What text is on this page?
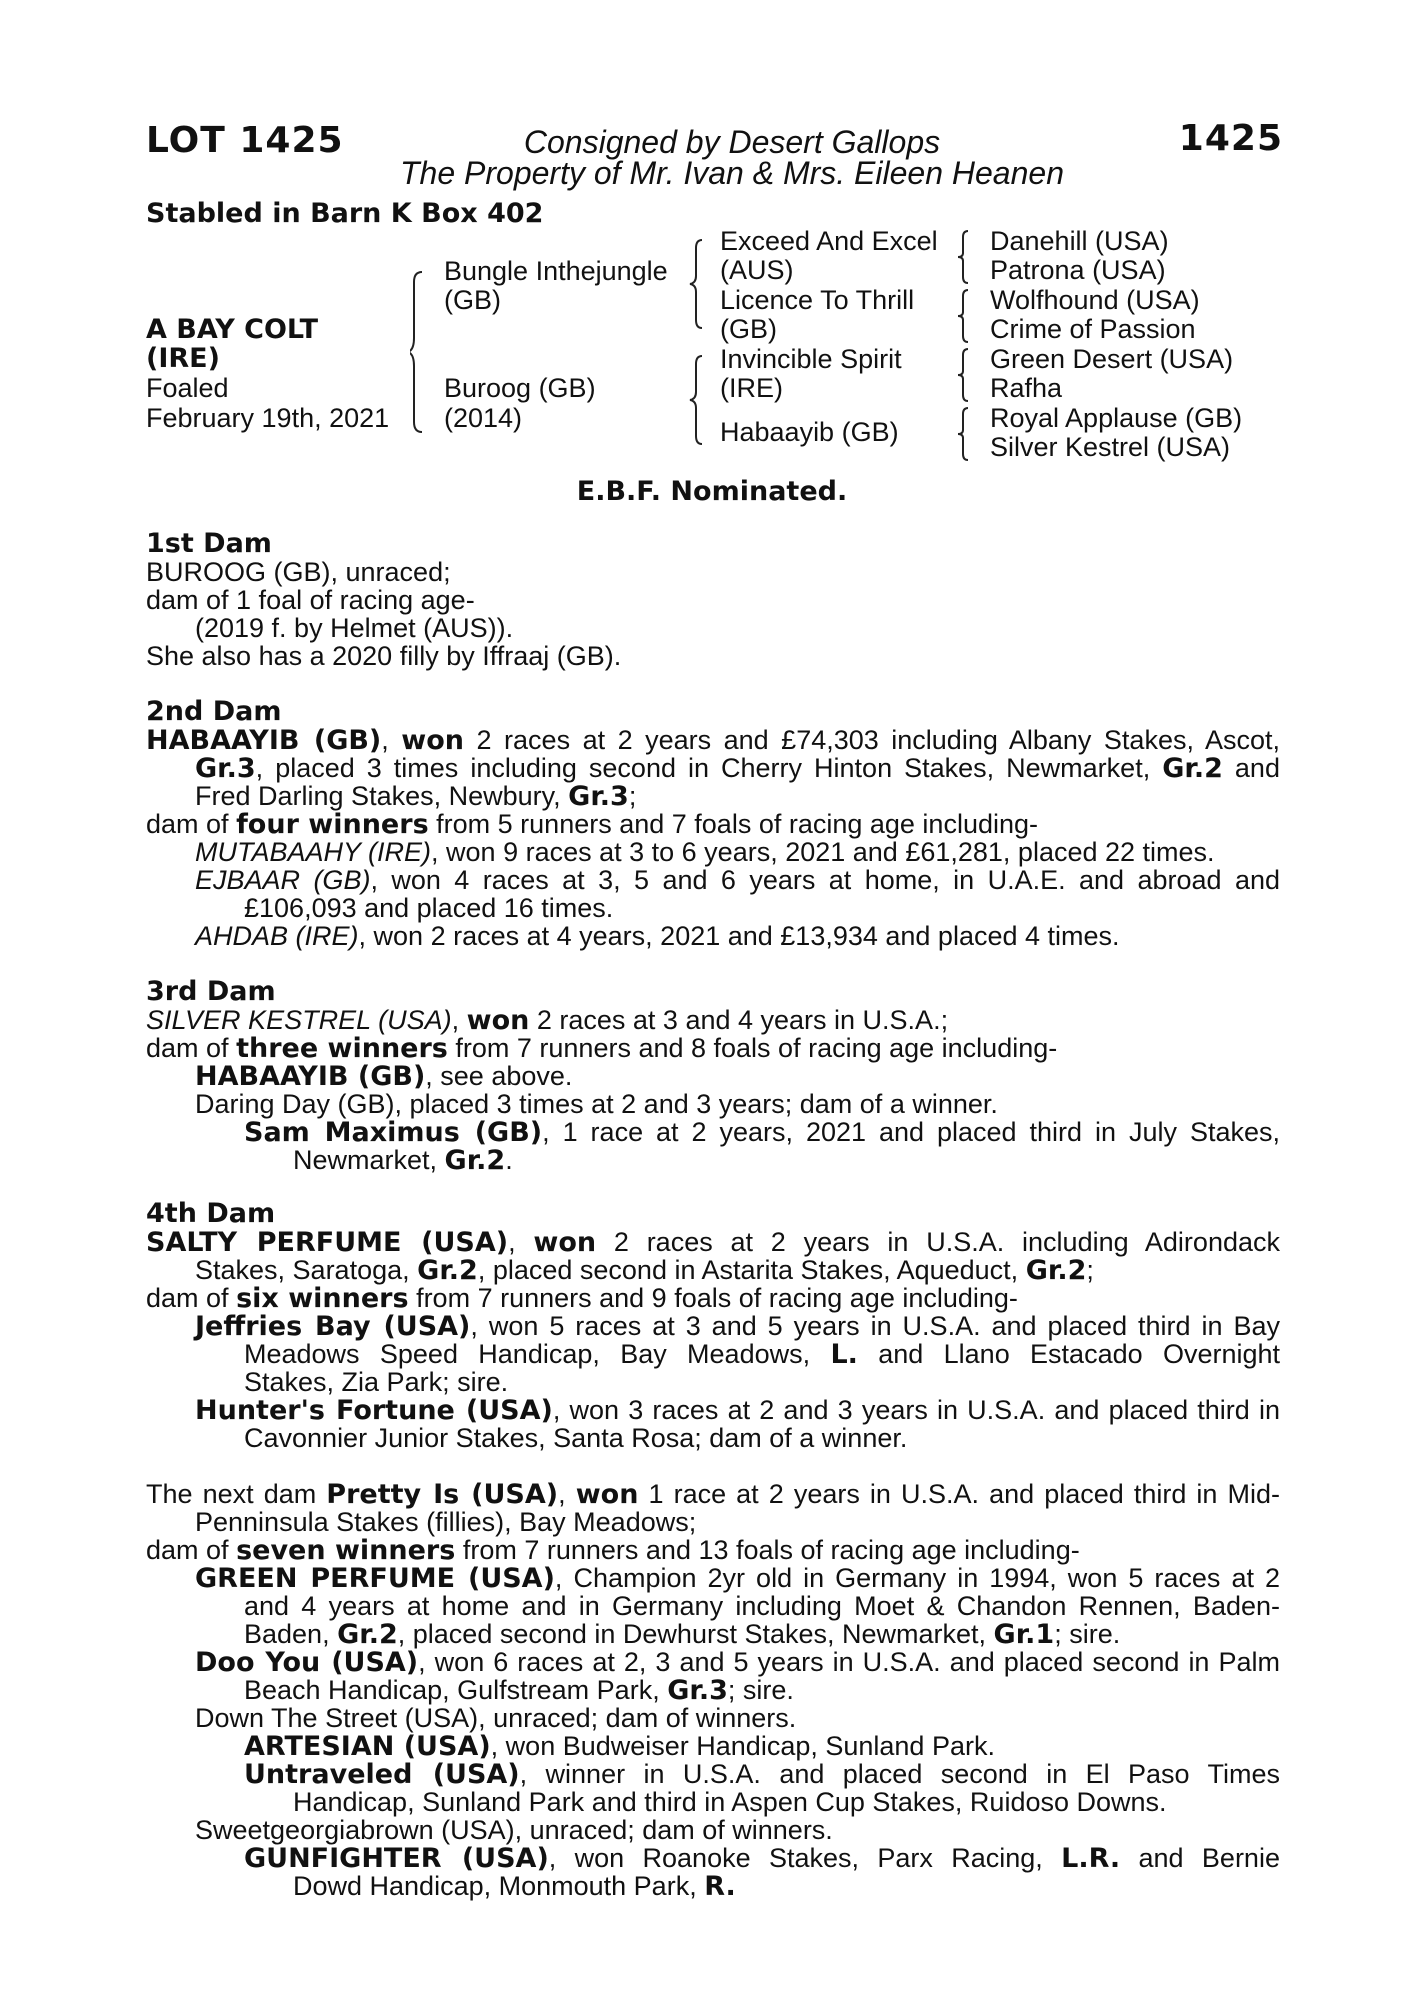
LOT 1425	1425
Consigned by Desert Gallops
The Property of Mr. Ivan & Mrs. Eileen Heanen
Stabled in Barn K Box 402
A BAY COLT
(IRE)
Foaled
February 19th, 2021
Bungle Inthejungle
(GB)
Buroog (GB)
(2014)
Exceed And Excel
(AUS)
Licence To Thrill
(GB)
Invincible Spirit
(IRE)
Habaayib (GB)
Danehill (USA)
Patrona (USA)
Wolfhound (USA)
Crime of Passion
Green Desert (USA)
Rafha
Royal Applause (GB)
Silver Kestrel (USA)
E.B.F. Nominated.
1st Dam
BUROOG (GB), unraced;
dam of 1 foal of racing age-
(2019 f. by Helmet (AUS)).
She also has a 2020 filly by Iffraaj (GB).
2nd Dam
HABAAYIB (GB), won 2 races at 2 years and £74,303 including Albany Stakes, Ascot,
Gr.3, placed 3 times including second in Cherry Hinton Stakes, Newmarket, Gr.2 and
Fred Darling Stakes, Newbury, Gr.3;
dam of four winners from 5 runners and 7 foals of racing age including-
MUTABAAHY (IRE), won 9 races at 3 to 6 years, 2021 and £61,281, placed 22 times.
EJBAAR (GB), won 4 races at 3, 5 and 6 years at home, in U.A.E. and abroad and
£106,093 and placed 16 times.
AHDAB (IRE), won 2 races at 4 years, 2021 and £13,934 and placed 4 times.
3rd Dam
SILVER KESTREL (USA), won 2 races at 3 and 4 years in U.S.A.;
dam of three winners from 7 runners and 8 foals of racing age including-
HABAAYIB (GB), see above.
Daring Day (GB), placed 3 times at 2 and 3 years; dam of a winner.
Sam Maximus (GB), 1 race at 2 years, 2021 and placed third in July Stakes,
Newmarket, Gr.2.
4th Dam
SALTY PERFUME (USA), won 2 races at 2 years in U.S.A. including Adirondack
Stakes, Saratoga, Gr.2, placed second in Astarita Stakes, Aqueduct, Gr.2;
dam of six winners from 7 runners and 9 foals of racing age including-
Jeffries Bay (USA), won 5 races at 3 and 5 years in U.S.A. and placed third in Bay
Meadows Speed Handicap, Bay Meadows, L. and Llano Estacado Overnight
Stakes, Zia Park; sire.
Hunter's Fortune (USA), won 3 races at 2 and 3 years in U.S.A. and placed third in
Cavonnier Junior Stakes, Santa Rosa; dam of a winner.
The next dam Pretty Is (USA), won 1 race at 2 years in U.S.A. and placed third in Mid-
Penninsula Stakes (fillies), Bay Meadows;
dam of seven winners from 7 runners and 13 foals of racing age including-
GREEN PERFUME (USA), Champion 2yr old in Germany in 1994, won 5 races at 2
and 4 years at home and in Germany including Moet & Chandon Rennen, Baden-
Baden, Gr.2, placed second in Dewhurst Stakes, Newmarket, Gr.1; sire.
Doo You (USA), won 6 races at 2, 3 and 5 years in U.S.A. and placed second in Palm
Beach Handicap, Gulfstream Park, Gr.3; sire.
Down The Street (USA), unraced; dam of winners.
ARTESIAN (USA), won Budweiser Handicap, Sunland Park.
Untraveled (USA), winner in U.S.A. and placed second in El Paso Times
Handicap, Sunland Park and third in Aspen Cup Stakes, Ruidoso Downs.
Sweetgeorgiabrown (USA), unraced; dam of winners.
GUNFIGHTER (USA), won Roanoke Stakes, Parx Racing, L.R. and Bernie
Dowd Handicap, Monmouth Park, R.
